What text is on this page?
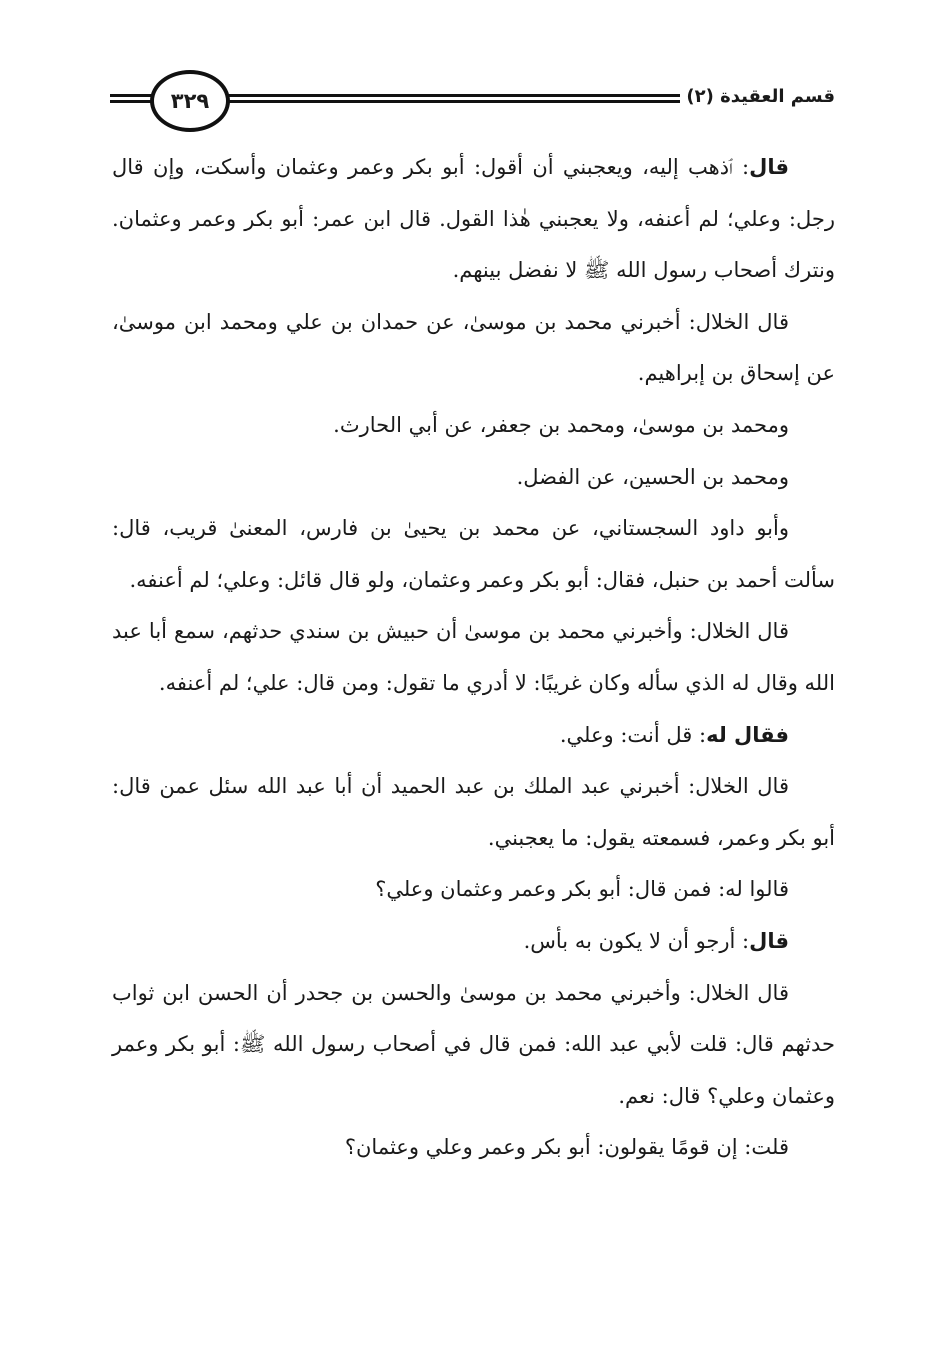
٣٢٩	قسم العقيدة (٢)

قال: ٱذهب إليه، ويعجبني أن أقول: أبو بكر وعمر وعثمان وأسكت، وإن قال رجل: وعلي؛ لم أعنفه، ولا يعجبني هٰذا القول. قال ابن عمر: أبو بكر وعمر وعثمان. ونترك أصحاب رسول الله ﷺ لا نفضل بينهم.

قال الخلال: أخبرني محمد بن موسىٰ، عن حمدان بن علي ومحمد ابن موسىٰ، عن إسحاق بن إبراهيم.

ومحمد بن موسىٰ، ومحمد بن جعفر، عن أبي الحارث.

ومحمد بن الحسين، عن الفضل.

وأبو داود السجستاني، عن محمد بن يحيىٰ بن فارس، المعنىٰ قريب، قال: سألت أحمد بن حنبل، فقال: أبو بكر وعمر وعثمان، ولو قال قائل: وعلي؛ لم أعنفه.

قال الخلال: وأخبرني محمد بن موسىٰ أن حبيش بن سندي حدثهم، سمع أبا عبد الله وقال له الذي سأله وكان غريبًا: لا أدري ما تقول: ومن قال: علي؛ لم أعنفه.

فقال له: قل أنت: وعلي.

قال الخلال: أخبرني عبد الملك بن عبد الحميد أن أبا عبد الله سئل عمن قال: أبو بكر وعمر، فسمعته يقول: ما يعجبني.

قالوا له: فمن قال: أبو بكر وعمر وعثمان وعلي؟

قال: أرجو أن لا يكون به بأس.

قال الخلال: وأخبرني محمد بن موسىٰ والحسن بن جحدر أن الحسن ابن ثواب حدثهم قال: قلت لأبي عبد الله: فمن قال في أصحاب رسول الله ﷺ: أبو بكر وعمر وعثمان وعلي؟ قال: نعم.

قلت: إن قومًا يقولون: أبو بكر وعمر وعلي وعثمان؟
